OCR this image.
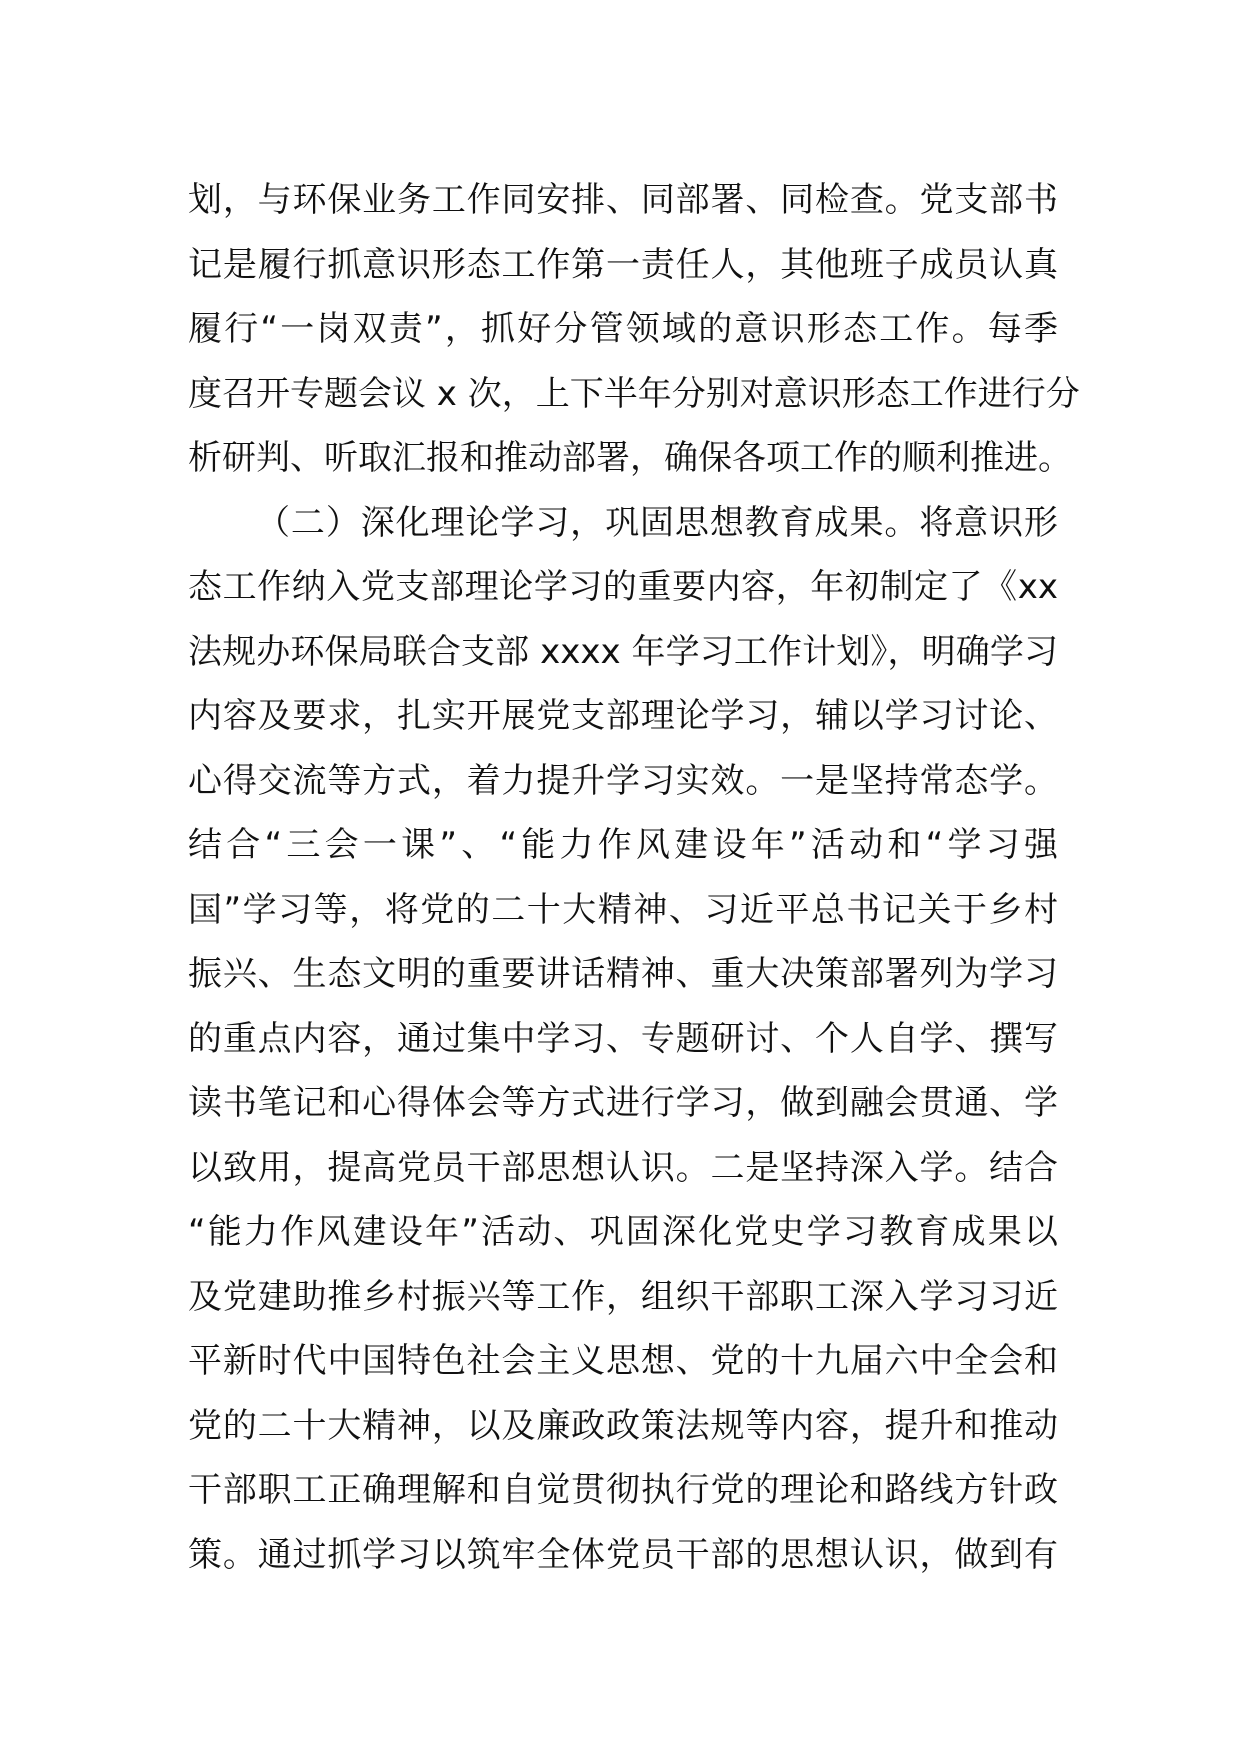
划，与环保业务工作同安排、同部署、同检查。党支部书
记是履行抓意识形态工作第一责任人，其他班子成员认真
履行“一岗双责”，抓好分管领域的意识形态工作。每季
度召开专题会议 x 次，上下半年分别对意识形态工作进行分
析研判、听取汇报和推动部署，确保各项工作的顺利推进。
（二）深化理论学习，巩固思想教育成果。将意识形
态工作纳入党支部理论学习的重要内容，年初制定了《xx
法规办环保局联合支部 xxxx 年学习工作计划》，明确学习
内容及要求，扎实开展党支部理论学习，辅以学习讨论、
心得交流等方式，着力提升学习实效。一是坚持常态学。
结合“三会一课”、“能力作风建设年”活动和“学习强
国”学习等，将党的二十大精神、习近平总书记关于乡村
振兴、生态文明的重要讲话精神、重大决策部署列为学习
的重点内容，通过集中学习、专题研讨、个人自学、撰写
读书笔记和心得体会等方式进行学习，做到融会贯通、学
以致用，提高党员干部思想认识。二是坚持深入学。结合
“能力作风建设年”活动、巩固深化党史学习教育成果以
及党建助推乡村振兴等工作，组织干部职工深入学习习近
平新时代中国特色社会主义思想、党的十九届六中全会和
党的二十大精神，以及廉政政策法规等内容，提升和推动
干部职工正确理解和自觉贯彻执行党的理论和路线方针政
策。通过抓学习以筑牢全体党员干部的思想认识，做到有
